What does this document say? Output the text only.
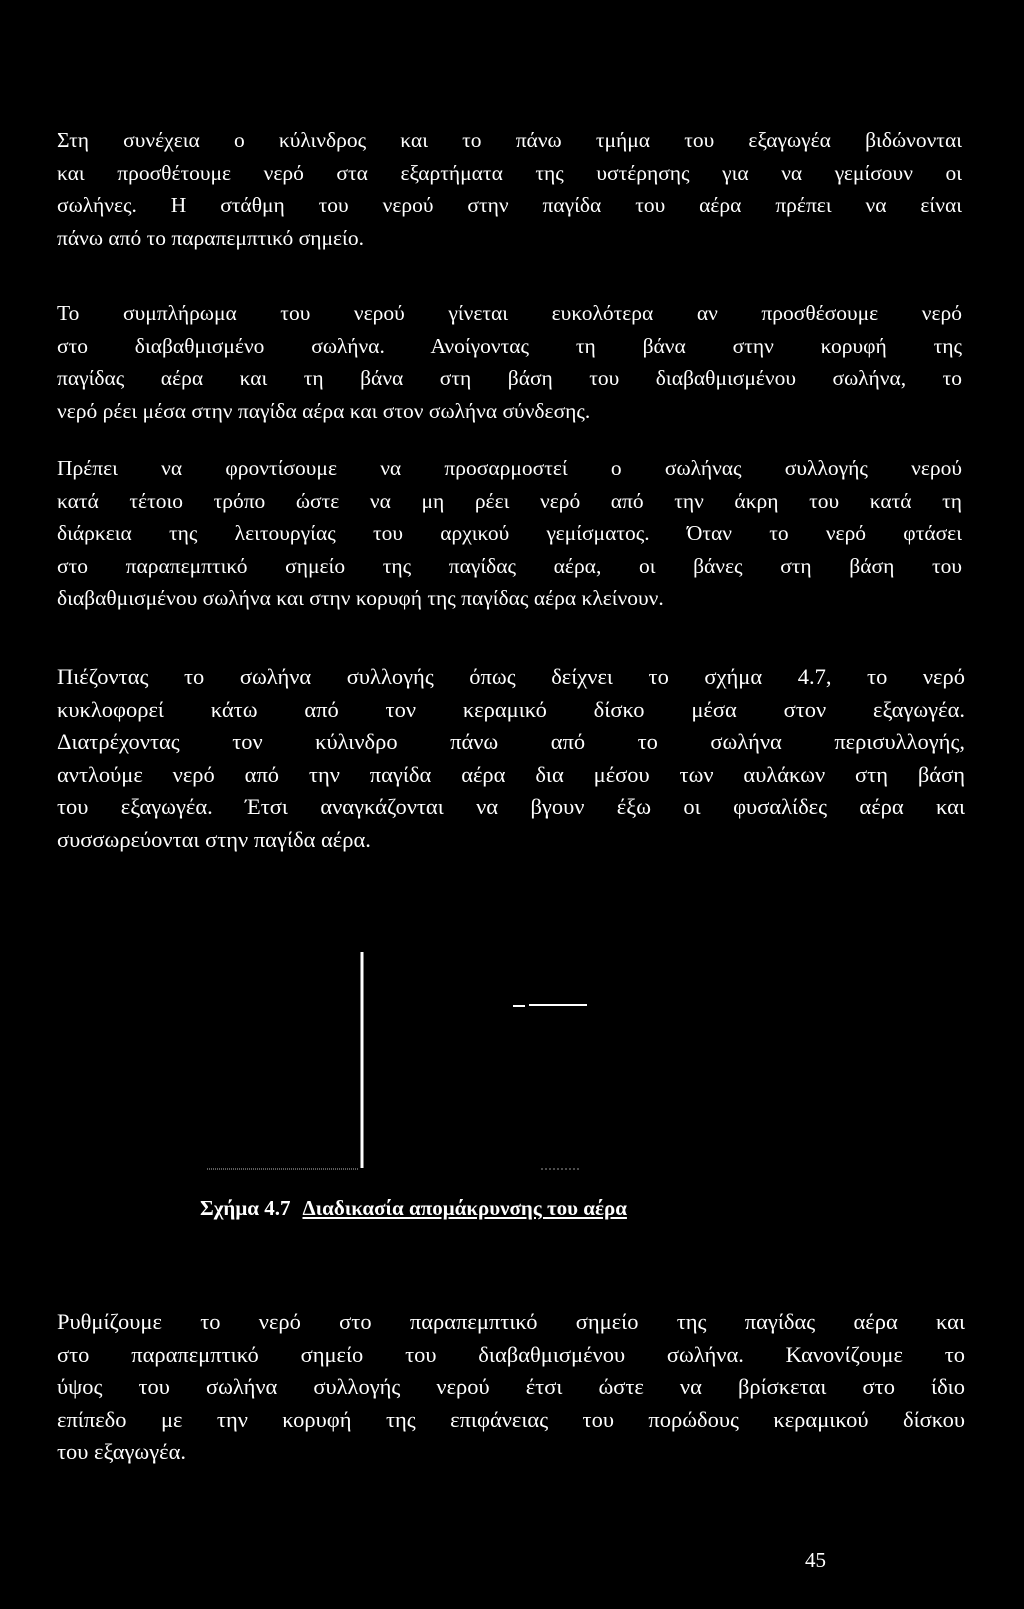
Στη συνέχεια ο κύλινδρος και το πάνω τμήμα του εξαγωγέα βιδώνονται
και προσθέτουμε νερό στα εξαρτήματα της υστέρησης για να γεμίσουν οι
σωλήνες. Η στάθμη του νερού στην παγίδα του αέρα πρέπει να είναι
πάνω από το παραπεμπτικό σημείο.
Το συμπλήρωμα του νερού γίνεται ευκολότερα αν προσθέσουμε νερό
στο διαβαθμισμένο σωλήνα. Ανοίγοντας τη βάνα στην κορυφή της
παγίδας αέρα και τη βάνα στη βάση του διαβαθμισμένου σωλήνα, το
νερό ρέει μέσα στην παγίδα αέρα και στον σωλήνα σύνδεσης.
Πρέπει να φροντίσουμε να προσαρμοστεί ο σωλήνας συλλογής νερού
κατά τέτοιο τρόπο ώστε να μη ρέει νερό από την άκρη του κατά τη
διάρκεια της λειτουργίας του αρχικού γεμίσματος. Όταν το νερό φτάσει
στο παραπεμπτικό σημείο της παγίδας αέρα, οι βάνες στη βάση του
διαβαθμισμένου σωλήνα και στην κορυφή της παγίδας αέρα κλείνουν.
Πιέζοντας το σωλήνα συλλογής όπως δείχνει το σχήμα 4.7, το νερό
κυκλοφορεί κάτω από τον κεραμικό δίσκο μέσα στον εξαγωγέα.
Διατρέχοντας τον κύλινδρο πάνω από το σωλήνα περισυλλογής,
αντλούμε νερό από την παγίδα αέρα δια μέσου των αυλάκων στη βάση
του εξαγωγέα. Έτσι αναγκάζονται να βγουν έξω οι φυσαλίδες αέρα και
συσσωρεύονται στην παγίδα αέρα.
Σχήμα 4.7 Διαδικασία απομάκρυνσης του αέρα
Ρυθμίζουμε το νερό στο παραπεμπτικό σημείο της παγίδας αέρα και
στο παραπεμπτικό σημείο του διαβαθμισμένου σωλήνα. Κανονίζουμε το
ύψος του σωλήνα συλλογής νερού έτσι ώστε να βρίσκεται στο ίδιο
επίπεδο με την κορυφή της επιφάνειας του πορώδους κεραμικού δίσκου
του εξαγωγέα.
45
